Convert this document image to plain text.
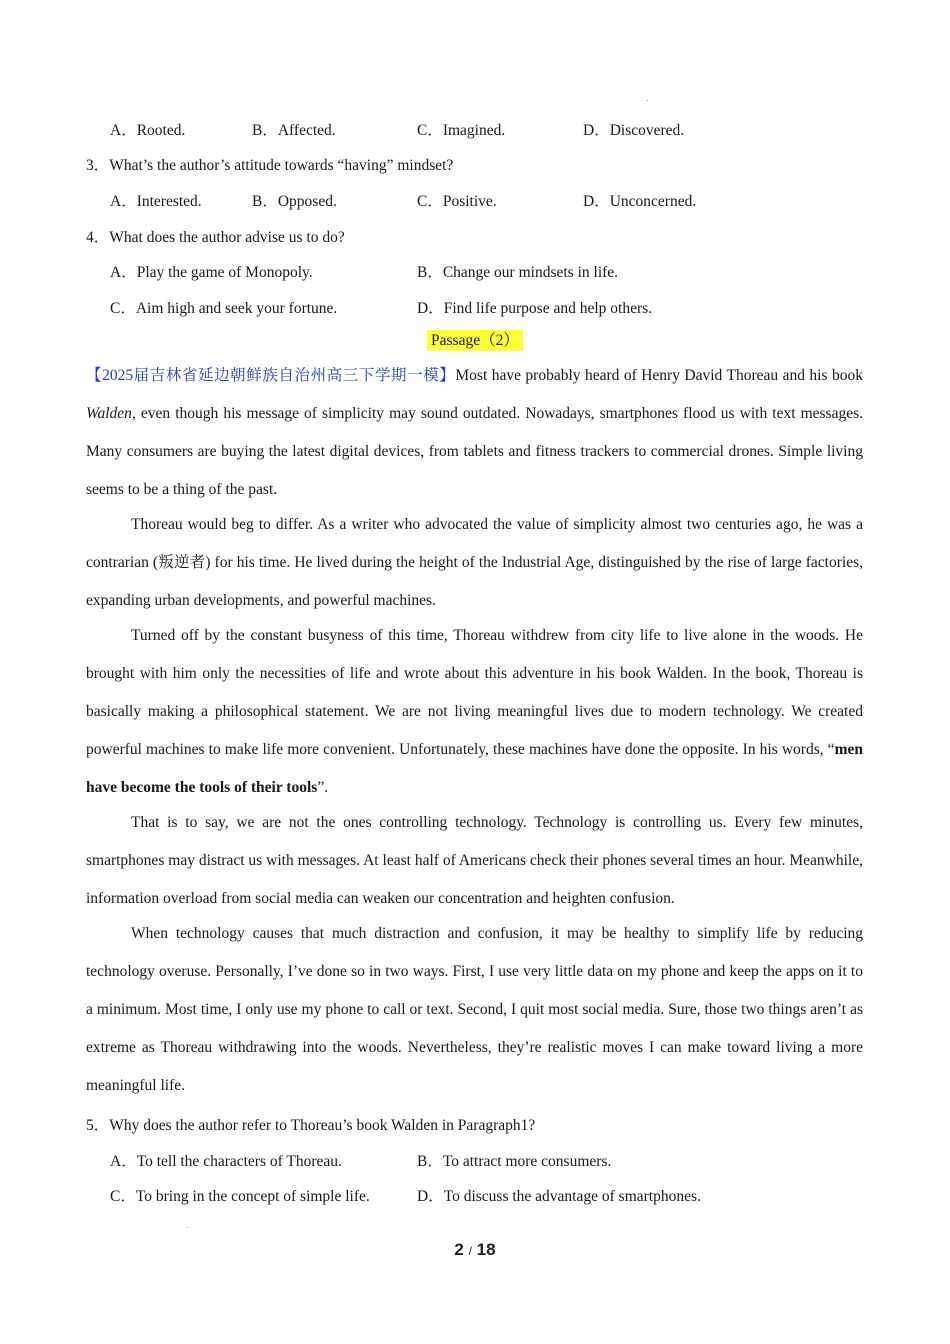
A．Rooted.	B．Affected.	C．Imagined.	D．Discovered.
3．What’s the author’s attitude towards “having” mindset?
A．Interested.	B．Opposed.	C．Positive.	D．Unconcerned.
4．What does the author advise us to do?
A．Play the game of Monopoly.	B．Change our mindsets in life.
C．Aim high and seek your fortune.	D．Find life purpose and help others.
Passage（2）
【2025届吉林省延边朝鲜族自治州高三下学期一模】Most have probably heard of Henry David Thoreau and his book Walden, even though his message of simplicity may sound outdated. Nowadays, smartphones flood us with text messages. Many consumers are buying the latest digital devices, from tablets and fitness trackers to commercial drones. Simple living seems to be a thing of the past.
Thoreau would beg to differ. As a writer who advocated the value of simplicity almost two centuries ago, he was a contrarian (叛逆者) for his time. He lived during the height of the Industrial Age, distinguished by the rise of large factories, expanding urban developments, and powerful machines.
Turned off by the constant busyness of this time, Thoreau withdrew from city life to live alone in the woods. He brought with him only the necessities of life and wrote about this adventure in his book Walden. In the book, Thoreau is basically making a philosophical statement. We are not living meaningful lives due to modern technology. We created powerful machines to make life more convenient. Unfortunately, these machines have done the opposite. In his words, “men have become the tools of their tools”.
That is to say, we are not the ones controlling technology. Technology is controlling us. Every few minutes, smartphones may distract us with messages. At least half of Americans check their phones several times an hour. Meanwhile, information overload from social media can weaken our concentration and heighten confusion.
When technology causes that much distraction and confusion, it may be healthy to simplify life by reducing technology overuse. Personally, I’ve done so in two ways. First, I use very little data on my phone and keep the apps on it to a minimum. Most time, I only use my phone to call or text. Second, I quit most social media. Sure, those two things aren’t as extreme as Thoreau withdrawing into the woods. Nevertheless, they’re realistic moves I can make toward living a more meaningful life.
5．Why does the author refer to Thoreau’s book Walden in Paragraph1?
A．To tell the characters of Thoreau.	B．To attract more consumers.
C．To bring in the concept of simple life.	D．To discuss the advantage of smartphones.
2 / 18
